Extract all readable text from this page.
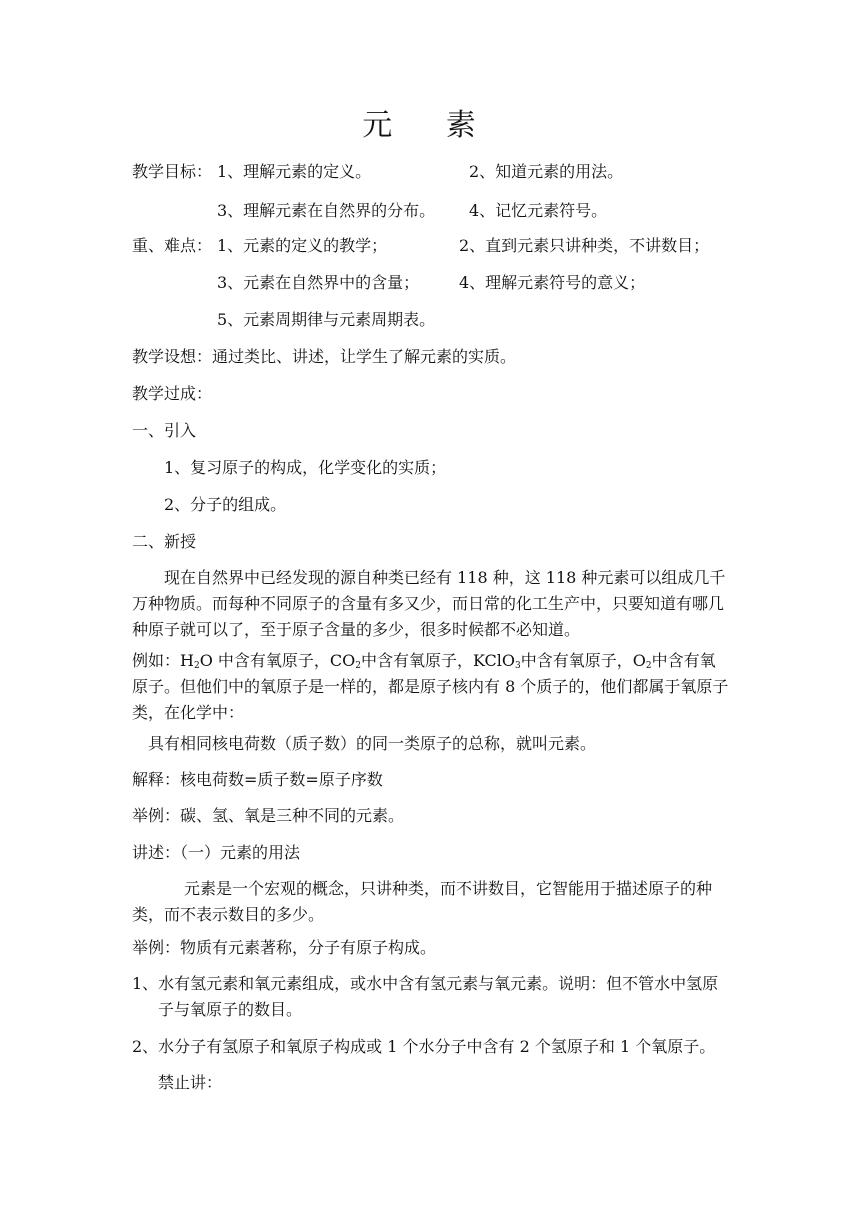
元 素
教学目标： 1、理解元素的定义。	2、知道元素的用法。
3、理解元素在自然界的分布。 4、记忆元素符号。
重、难点： 1、元素的定义的教学；	2、直到元素只讲种类，不讲数目；
3、元素在自然界中的含量； 4、理解元素符号的意义；
5、元素周期律与元素周期表。
教学设想：通过类比、讲述，让学生了解元素的实质。
教学过成：
一、引入
1、复习原子的构成，化学变化的实质；
2、分子的组成。
二、新授
现在自然界中已经发现的源自种类已经有 118 种，这 118 种元素可以组成几千万种物质。而每种不同原子的含量有多又少，而日常的化工生产中，只要知道有哪几种原子就可以了，至于原子含量的多少，很多时候都不必知道。
例如：$H_2O$ 中含有氧原子，$CO_2$中含有氧原子，KClO$_3$中含有氧原子，$O_2$中含有氧原子。但他们中的氧原子是一样的，都是原子核内有 8 个质子的，他们都属于氧原子类，在化学中：
具有相同核电荷数（质子数）的同一类原子的总称，就叫元素。
解释：核电荷数=质子数=原子序数
举例：碳、氢、氧是三种不同的元素。
讲述：（一）元素的用法
元素是一个宏观的概念，只讲种类，而不讲数目，它智能用于描述原子的种类，而不表示数目的多少。
举例：物质有元素著称，分子有原子构成。
1、水有氢元素和氧元素组成，或水中含有氢元素与氧元素。说明：但不管水中氢原子与氧原子的数目。
2、水分子有氢原子和氧原子构成或 1 个水分子中含有 2 个氢原子和 1 个氧原子。
禁止讲：
